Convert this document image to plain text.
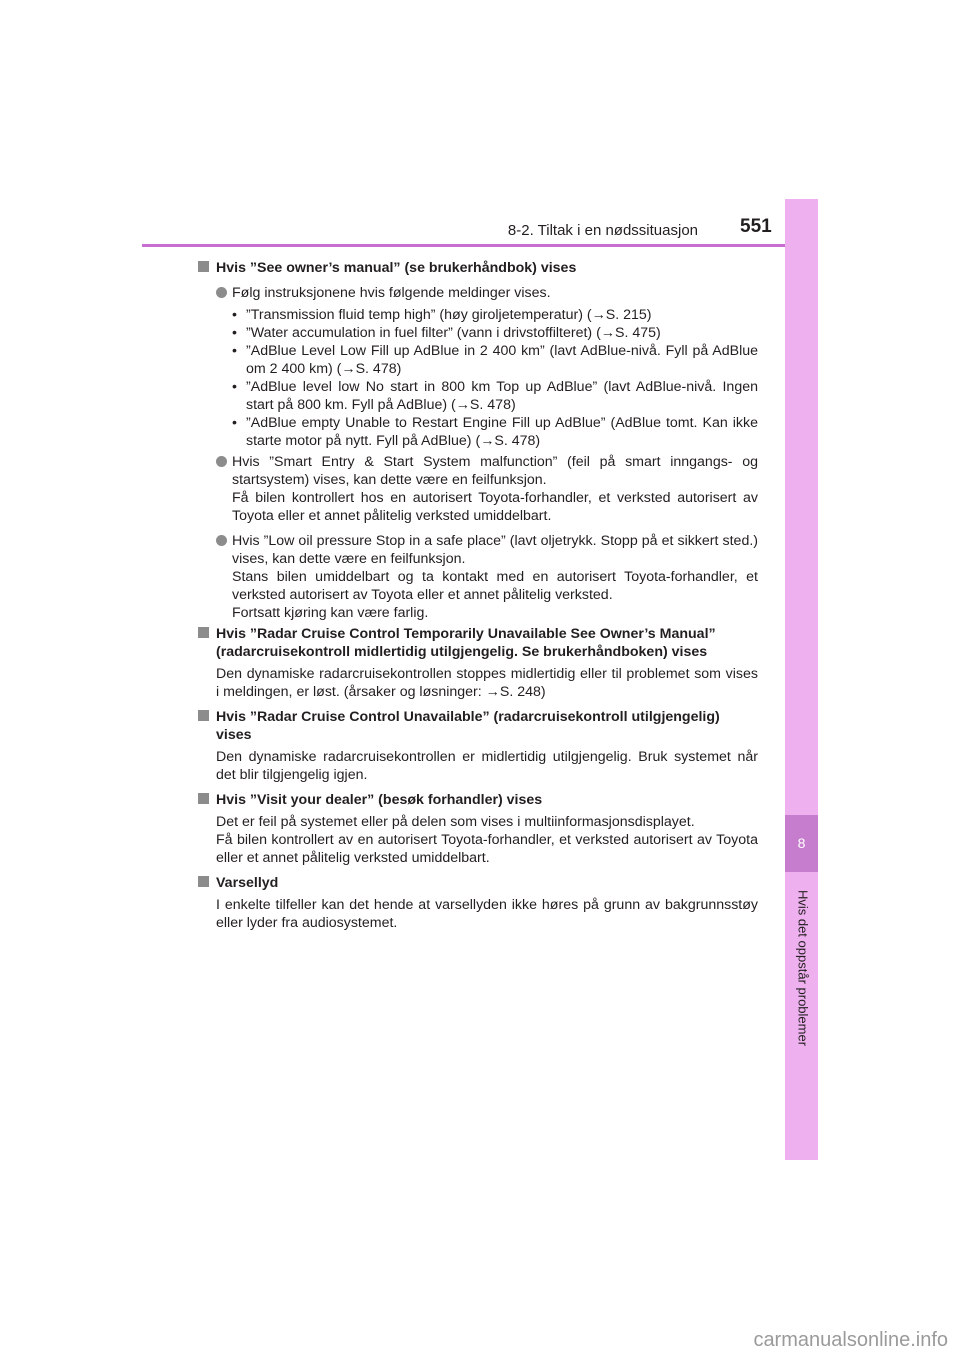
8-2. Tiltak i en nødssituasjon 551
8
Hvis det oppstår problemer
Hvis ”See owner’s manual” (se brukerhåndbok) vises
Følg instruksjonene hvis følgende meldinger vises.
• ”Transmission fluid temp high” (høy giroljetemperatur) (→S. 215)
• ”Water accumulation in fuel filter” (vann i drivstoffilteret) (→S. 475)
• ”AdBlue Level Low Fill up AdBlue in 2 400 km” (lavt AdBlue-nivå. Fyll på AdBlue om 2 400 km) (→S. 478)
• ”AdBlue level low No start in 800 km Top up AdBlue” (lavt AdBlue-nivå. Ingen start på 800 km. Fyll på AdBlue) (→S. 478)
• ”AdBlue empty Unable to Restart Engine Fill up AdBlue” (AdBlue tomt. Kan ikke starte motor på nytt. Fyll på AdBlue) (→S. 478)
Hvis ”Smart Entry & Start System malfunction” (feil på smart inngangs- og startsystem) vises, kan dette være en feilfunksjon.
Få bilen kontrollert hos en autorisert Toyota-forhandler, et verksted autorisert av Toyota eller et annet pålitelig verksted umiddelbart.
Hvis ”Low oil pressure Stop in a safe place” (lavt oljetrykk. Stopp på et sikkert sted.) vises, kan dette være en feilfunksjon.
Stans bilen umiddelbart og ta kontakt med en autorisert Toyota-forhandler, et verksted autorisert av Toyota eller et annet pålitelig verksted.
Fortsatt kjøring kan være farlig.
Hvis ”Radar Cruise Control Temporarily Unavailable See Owner’s Manual” (radarcruisekontroll midlertidig utilgjengelig. Se brukerhåndboken) vises
Den dynamiske radarcruisekontrollen stoppes midlertidig eller til problemet som vises i meldingen, er løst. (årsaker og løsninger: →S. 248)
Hvis ”Radar Cruise Control Unavailable” (radarcruisekontroll utilgjengelig) vises
Den dynamiske radarcruisekontrollen er midlertidig utilgjengelig. Bruk systemet når det blir tilgjengelig igjen.
Hvis ”Visit your dealer” (besøk forhandler) vises
Det er feil på systemet eller på delen som vises i multiinformasjonsdisplayet.
Få bilen kontrollert av en autorisert Toyota-forhandler, et verksted autorisert av Toyota eller et annet pålitelig verksted umiddelbart.
Varsellyd
I enkelte tilfeller kan det hende at varsellyden ikke høres på grunn av bakgrunnsstøy eller lyder fra audiosystemet.
carmanualsonline.info
